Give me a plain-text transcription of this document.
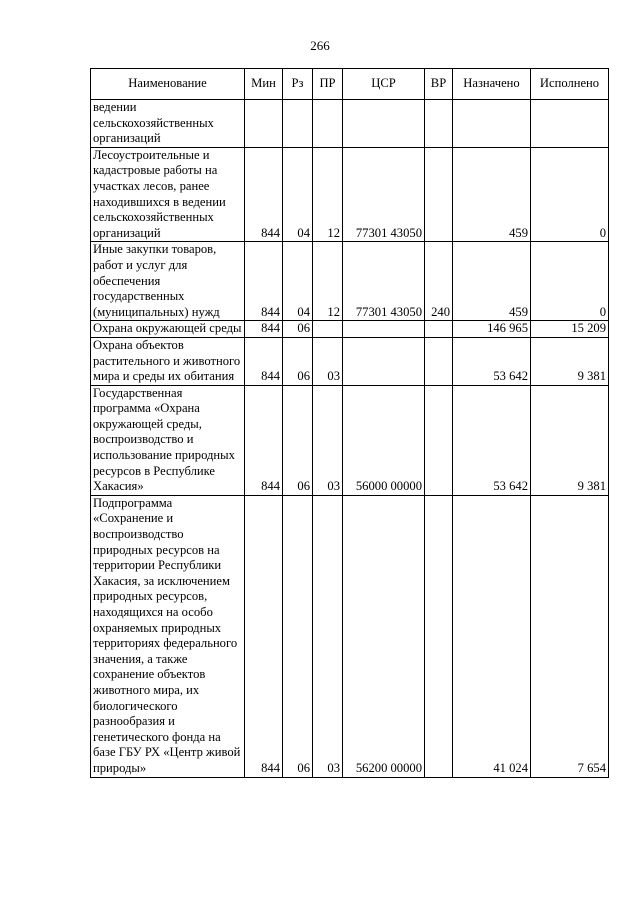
266
Наименование	Мин	Рз	ПР	ЦСР	ВР	Назначено	Исполнено
ведении сельскохозяйственных организаций							
Лесоустроительные и кадастровые работы на участках лесов, ранее находившихся в ведении сельскохозяйственных организаций	844	04	12	77301 43050		459	0
Иные закупки товаров, работ и услуг для обеспечения государственных (муниципальных) нужд	844	04	12	77301 43050	240	459	0
Охрана окружающей среды	844	06				146 965	15 209
Охрана объектов растительного и животного мира и среды их обитания	844	06	03			53 642	9 381
Государственная программа «Охрана окружающей среды, воспроизводство и использование природных ресурсов в Республике Хакасия»	844	06	03	56000 00000		53 642	9 381
Подпрограмма «Сохранение и воспроизводство природных ресурсов на территории Республики Хакасия, за исключением природных ресурсов, находящихся на особо охраняемых природных территориях федерального значения, а также сохранение объектов животного мира, их биологического разнообразия и генетического фонда на базе ГБУ РХ «Центр живой природы»	844	06	03	56200 00000		41 024	7 654
